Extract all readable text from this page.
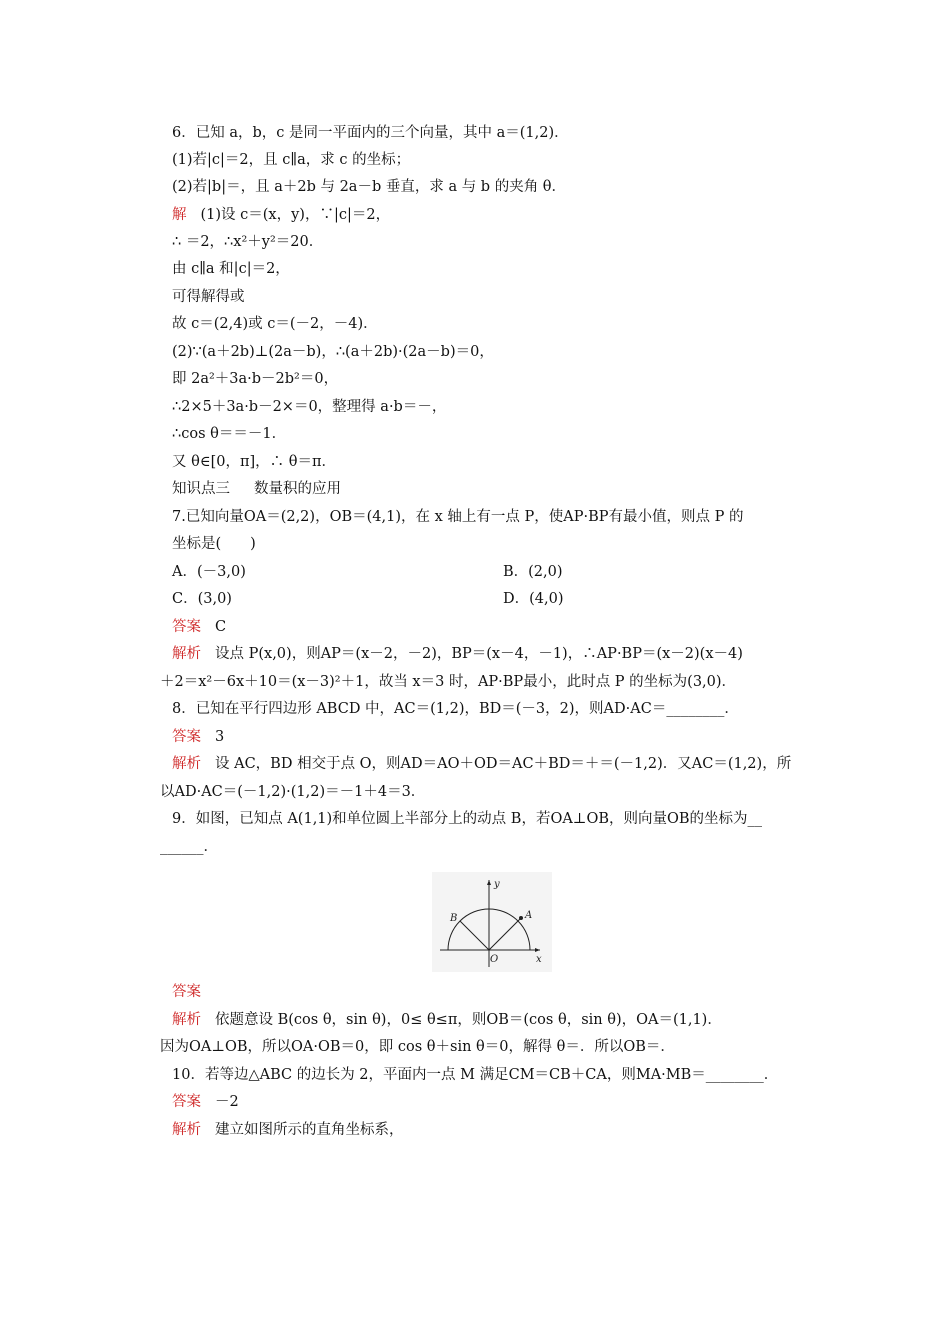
6．已知 a，b，c 是同一平面内的三个向量，其中 a＝(1,2)．
(1)若|c|＝2，且 c∥a，求 c 的坐标；
(2)若|b|＝，且 a＋2b 与 2a－b 垂直，求 a 与 b 的夹角 θ．
解 (1)设 c＝(x，y)，∵|c|＝2，
∴ ＝2，∴x²＋y²＝20．
由 c∥a 和|c|＝2，
可得解得或
故 c＝(2,4)或 c＝(－2，－4)．
(2)∵(a＋2b)⊥(2a－b)，∴(a＋2b)·(2a－b)＝0，
即 2a²＋3a·b－2b²＝0，
∴2×5＋3a·b－2×＝0，整理得 a·b＝－，
∴cos θ＝＝－1．
又 θ∈[0，π]，∴ θ＝π．
知识点三 数量积的应用
7.已知向量OA＝(2,2)，OB＝(4,1)，在 x 轴上有一点 P，使AP·BP有最小值，则点 P 的
坐标是(　　)
A．(－3,0)	B．(2,0)
C．(3,0)	D．(4,0)
答案 C
解析 设点 P(x,0)，则AP＝(x－2，－2)，BP＝(x－4，－1)，∴AP·BP＝(x－2)(x－4)
＋2＝x²－6x＋10＝(x－3)²＋1，故当 x＝3 时，AP·BP最小，此时点 P 的坐标为(3,0)．
8．已知在平行四边形 ABCD 中，AC＝(1,2)，BD＝(－3，2)，则AD·AC＝________．
答案 3
解析 设 AC，BD 相交于点 O，则AD＝AO＋OD＝AC＋BD＝＋＝(－1,2)．又AC＝(1,2)，所
以AD·AC＝(－1,2)·(1,2)＝－1＋4＝3．
9．如图，已知点 A(1,1)和单位圆上半部分上的动点 B，若OA⊥OB，则向量OB的坐标为__
______．
y
x
O
A
B
答案
解析 依题意设 B(cos θ，sin θ)，0≤ θ≤π，则OB＝(cos θ，sin θ)，OA＝(1,1)．
因为OA⊥OB，所以OA·OB＝0，即 cos θ＋sin θ＝0，解得 θ＝．所以OB＝．
10．若等边△ABC 的边长为 2，平面内一点 M 满足CM＝CB＋CA，则MA·MB＝________．
答案 －2
解析 建立如图所示的直角坐标系，
